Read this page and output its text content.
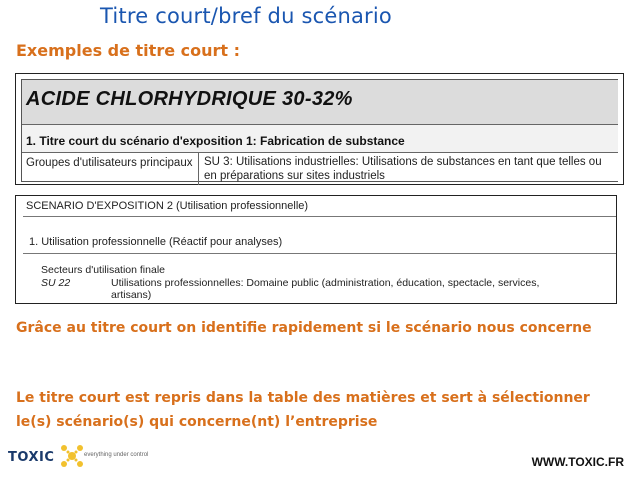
Titre court/bref du scénario
Exemples de titre court :
ACIDE CHLORHYDRIQUE 30-32%
1. Titre court du scénario d'exposition 1: Fabrication de substance
Groupes d'utilisateurs principaux SU 3: Utilisations industrielles: Utilisations de substances en tant que telles ou en préparations sur sites industriels
SCENARIO D'EXPOSITION 2 (Utilisation professionnelle)
1. Utilisation professionnelle (Réactif pour analyses)
Secteurs d'utilisation finale
SU 22	Utilisations professionnelles: Domaine public (administration, éducation, spectacle, services, artisans)
Grâce au titre court on identifie rapidement si le scénario nous concerne
Le titre court est repris dans la table des matières et sert à sélectionner le(s) scénario(s) qui concerne(nt) l’entreprise
TOXIC	everything under control	WWW.TOXIC.FR
